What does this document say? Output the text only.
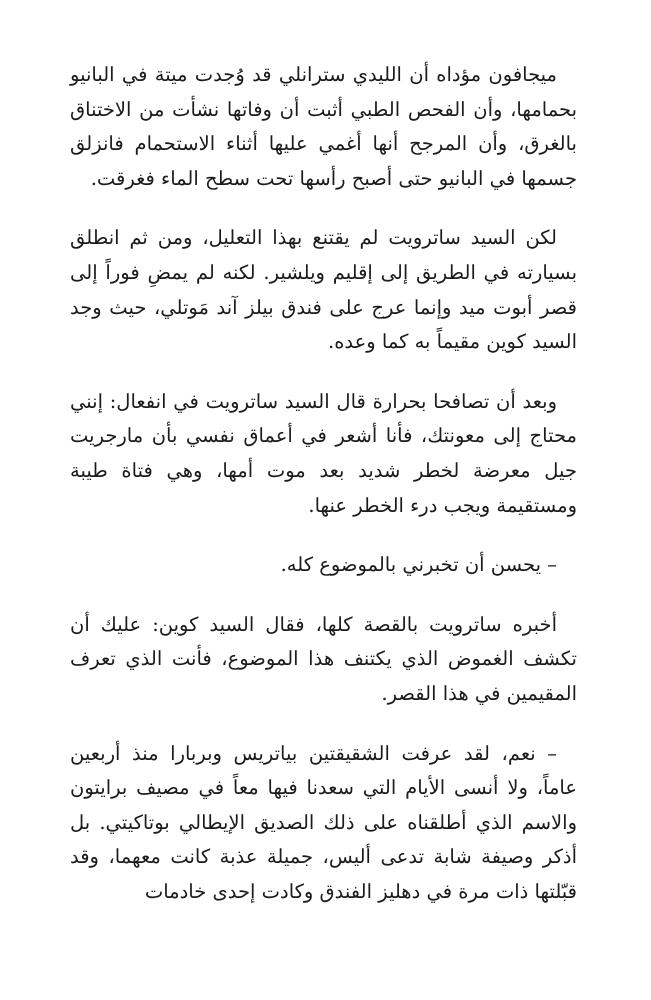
ميجافون مؤداه أن الليدي سترانلي قد وُجدت ميتة في البانيو بحمامها، وأن الفحص الطبي أثبت أن وفاتها نشأت من الاختناق بالغرق، وأن المرجح أنها أغمي عليها أثناء الاستحمام فانزلق جسمها في البانيو حتى أصبح رأسها تحت سطح الماء فغرقت.

لكن السيد ساترويت لم يقتنع بهذا التعليل، ومن ثم انطلق بسيارته في الطريق إلى إقليم ويلشير. لكنه لم يمضِ فوراً إلى قصر أبوت ميد وإنما عرج على فندق بيلز آند مَوتلي، حيث وجد السيد كوين مقيماً به كما وعده.

وبعد أن تصافحا بحرارة قال السيد ساترويت في انفعال: إنني محتاج إلى معونتك، فأنا أشعر في أعماق نفسي بأن مارجريت جيل معرضة لخطر شديد بعد موت أمها، وهي فتاة طيبة ومستقيمة ويجب درء الخطر عنها.

– يحسن أن تخبرني بالموضوع كله.

أخبره ساترويت بالقصة كلها، فقال السيد كوين: عليك أن تكشف الغموض الذي يكتنف هذا الموضوع، فأنت الذي تعرف المقيمين في هذا القصر.

– نعم، لقد عرفت الشقيقتين بياتريس وبربارا منذ أربعين عاماً، ولا أنسى الأيام التي سعدنا فيها معاً في مصيف برايتون والاسم الذي أطلقناه على ذلك الصديق الإيطالي بوتاكيتي. بل أذكر وصيفة شابة تدعى أليس، جميلة عذبة كانت معهما، وقد قبّلتها ذات مرة في دهليز الفندق وكادت إحدى خادمات
